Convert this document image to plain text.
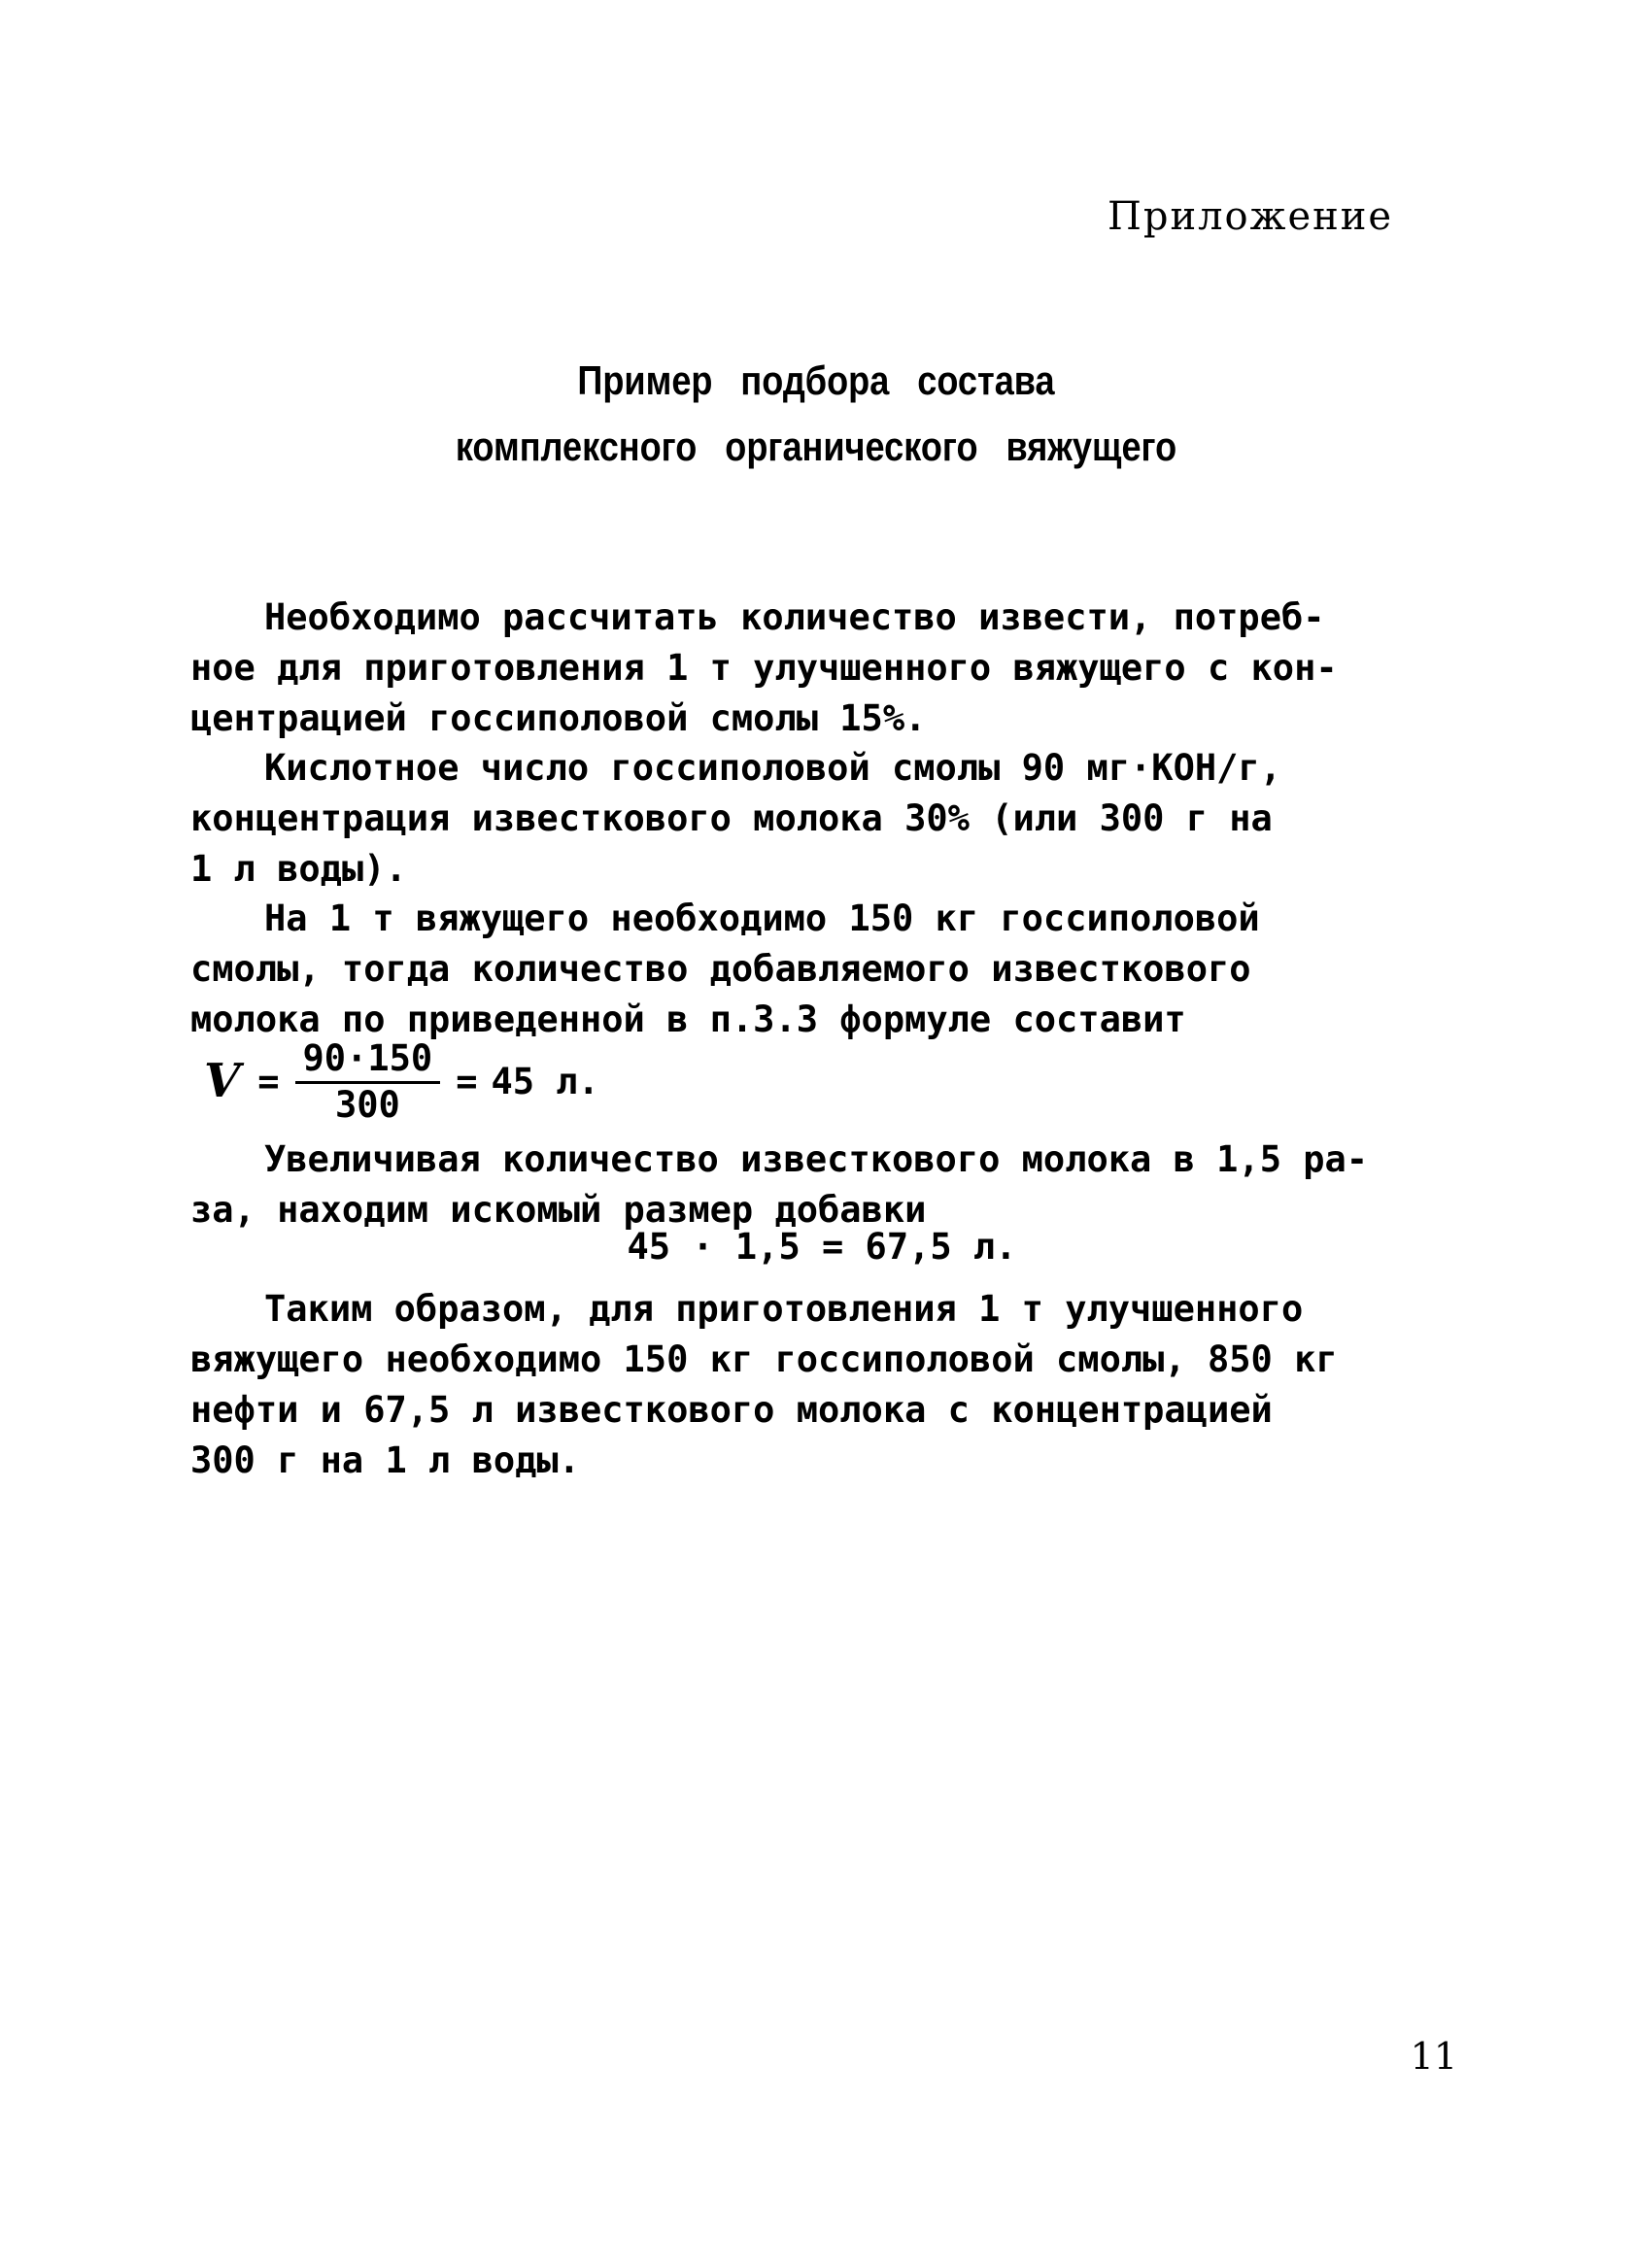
Приложение
Пример подбора состава
комплексного органического вяжущего

Необходимо рассчитать количество извести, потреб-
ное для приготовления 1 т улучшенного вяжущего с кон-
центрацией госсиполовой смолы 15%.

Кислотное число госсиполовой смолы 90 мг·КОН/г,
концентрация известкового молока 30% (или 300 г на
1 л воды).

На 1 т вяжущего необходимо 150 кг госсиполовой
смолы, тогда количество добавляемого известкового
молока по приведенной в п.3.3 формуле составит

$V = \frac{90\cdot 150}{300} = 45$ л.

Увеличивая количество известкового молока в 1,5 ра-
за, находим искомый размер добавки

45 · 1,5 = 67,5 л.

Таким образом, для приготовления 1 т улучшенного
вяжущего необходимо 150 кг госсиполовой смолы, 850 кг
нефти и 67,5 л известкового молока с концентрацией
300 г на 1 л воды.

11
